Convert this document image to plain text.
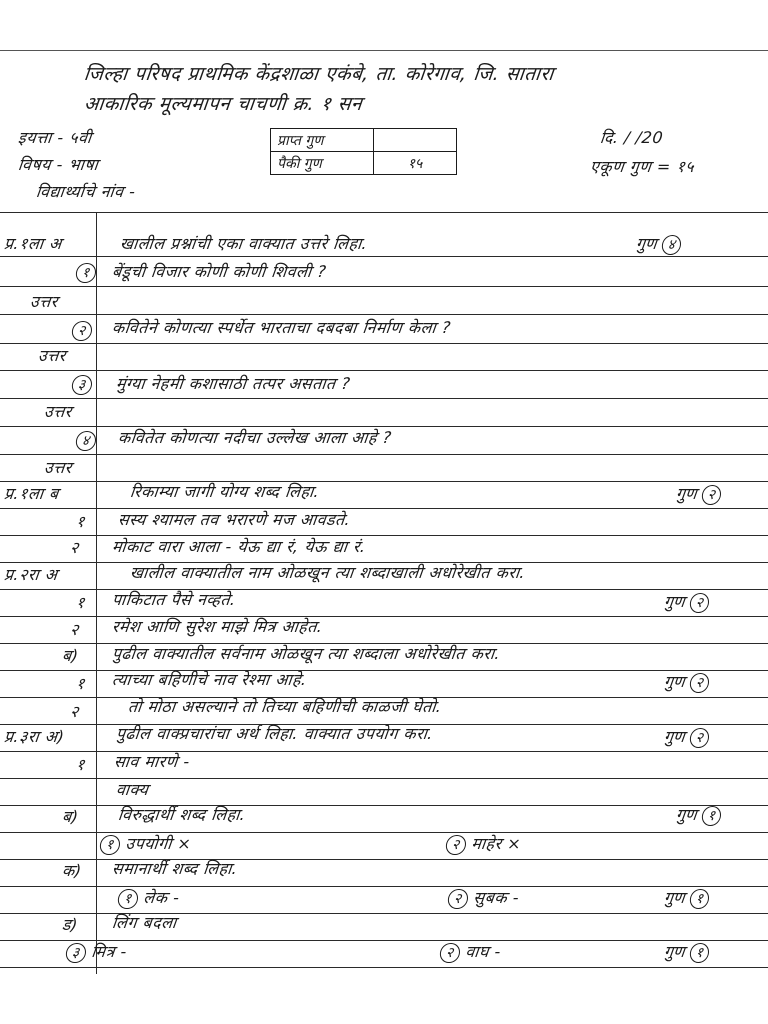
जिल्हा परिषद प्राथमिक केंद्रशाळा एकंबे, ता. कोरेगाव, जि. सातारा
आकारिक मूल्यमापन चाचणी क्र. १ सन
इयत्ता - ५वी
विषय - भाषा
विद्यार्थ्याचे नांव -
दि. / /20
एकूण गुण = १५
प्राप्त गुण	
पैकी गुण	१५
प्र.१ला अ	खालील प्रश्नांची एका वाक्यात उत्तरे लिहा.	गुण ४
१	बेंडूची विजार कोणी कोणी शिवली ?
उत्तर
२	कवितेने कोणत्या स्पर्धेत भारताचा दबदबा निर्माण केला ?
उत्तर
३	मुंग्या नेहमी कशासाठी तत्पर असतात ?
उत्तर
४	कवितेत कोणत्या नदीचा उल्लेख आला आहे ?
उत्तर
प्र.१ला ब	रिकाम्या जागी योग्य शब्द लिहा.	गुण २
१ सस्य श्यामल तव भरारणे मज आवडते.
२ मोकाट वारा आला - येऊ द्या रं, येऊ द्या रं.
प्र.२रा अ	खालील वाक्यातील नाम ओळखून त्या शब्दाखाली अधोरेखीत करा.
१ पाकिटात पैसे नव्हते.	गुण २
२ रमेश आणि सुरेश माझे मित्र आहेत.
ब) पुढील वाक्यातील सर्वनाम ओळखून त्या शब्दाला अधोरेखीत करा.
१ त्याच्या बहिणीचे नाव रेश्मा आहे.	गुण २
२	तो मोठा असल्याने तो तिच्या बहिणीची काळजी घेतो.
प्र.३रा अ)	पुढील वाक्प्रचारांचा अर्थ लिहा. वाक्यात उपयोग करा.	गुण २
१ साव मारणे -
वाक्य
ब) विरुद्धार्थी शब्द लिहा.	गुण १
१ उपयोगी ×	२ माहेर ×
क) समानार्थी शब्द लिहा.
१ लेक -	२ सुबक -	गुण १
ड) लिंग बदला
३ मित्र -	२ वाघ -	गुण १
